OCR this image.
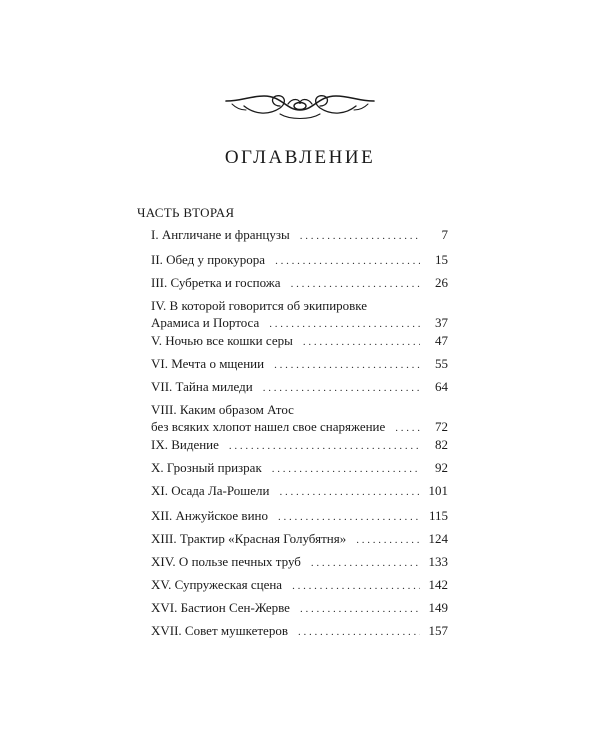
ОГЛАВЛЕНИЕ
ЧАСТЬ ВТОРАЯ
I. Англичане и французы . . .	7
II. Обед у прокурора . . .	15
III. Субретка и госпожа . . .	26
IV. В которой говорится об экипировке
Арамиса и Портоса . . .	37
V. Ночью все кошки серы . . .	47
VI. Мечта о мщении . . .	55
VII. Тайна миледи . . .	64
VIII. Каким образом Атос
без всяких хлопот нашел свое снаряжение . . .	72
IX. Видение . . .	82
X. Грозный призрак . . .	92
XI. Осада Ла-Рошели . . .	101
XII. Анжуйское вино . . .	115
XIII. Трактир «Красная Голубятня» . . .	124
XIV. О пользе печных труб . . .	133
XV. Супружеская сцена . . .	142
XVI. Бастион Сен-Жерве . . .	149
XVII. Совет мушкетеров . . .	157
